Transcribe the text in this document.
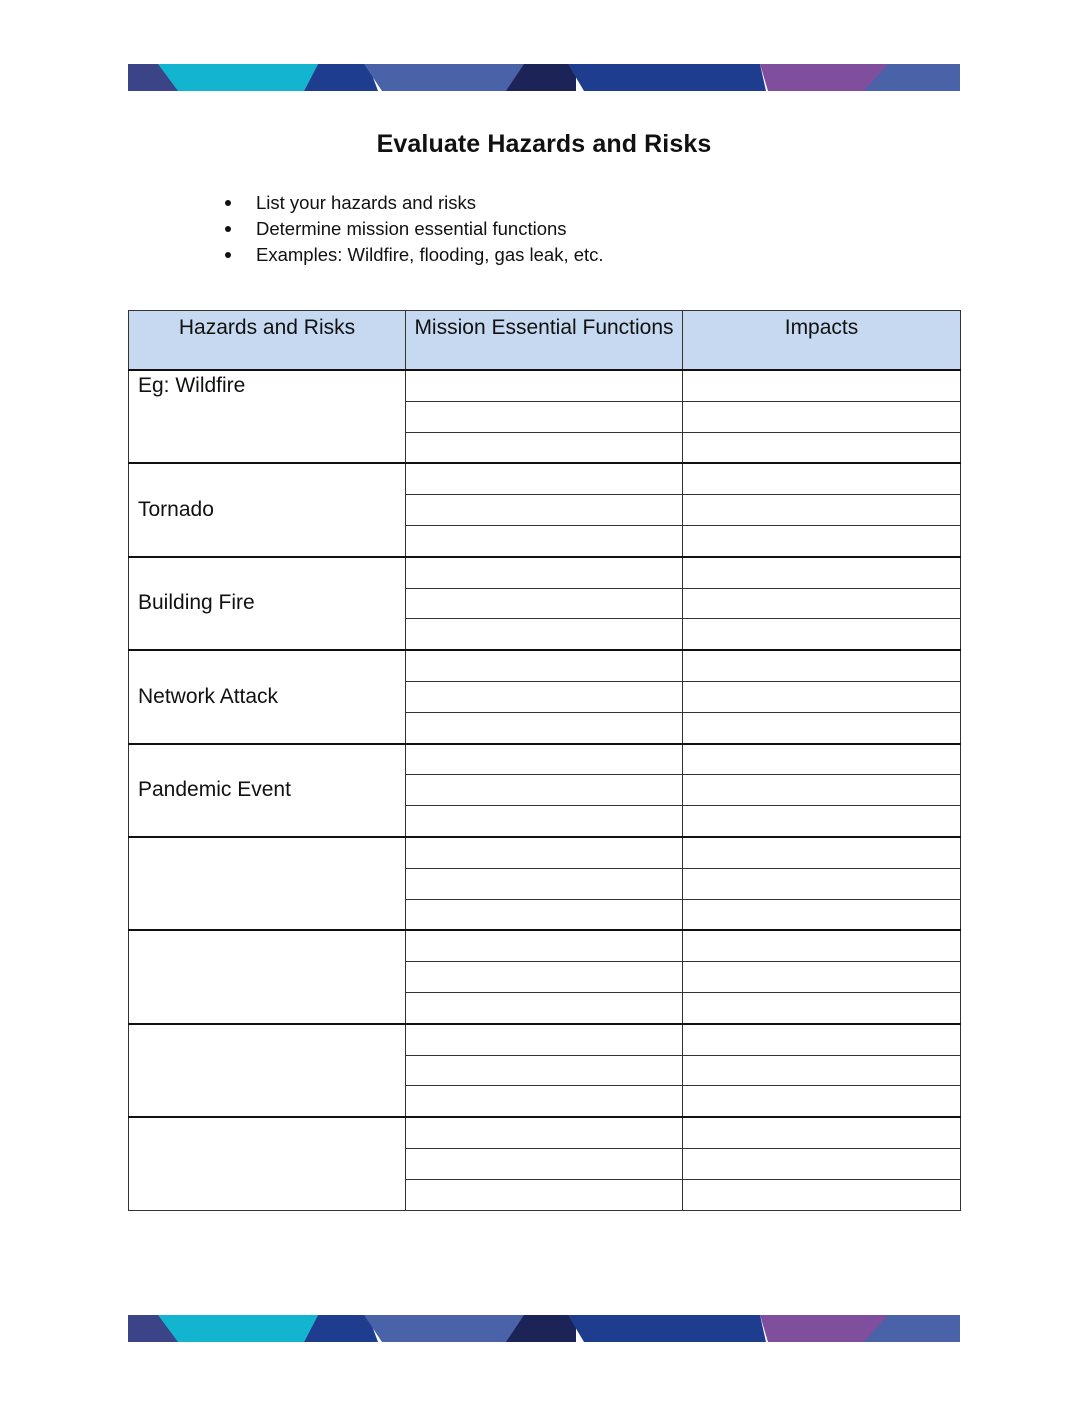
Evaluate Hazards and Risks
List your hazards and risks
Determine mission essential functions
Examples: Wildfire, flooding, gas leak, etc.
Hazards and Risks	Mission Essential Functions	Impacts
Eg: Wildfire		

Tornado		

Building Fire		

Network Attack		

Pandemic Event		
